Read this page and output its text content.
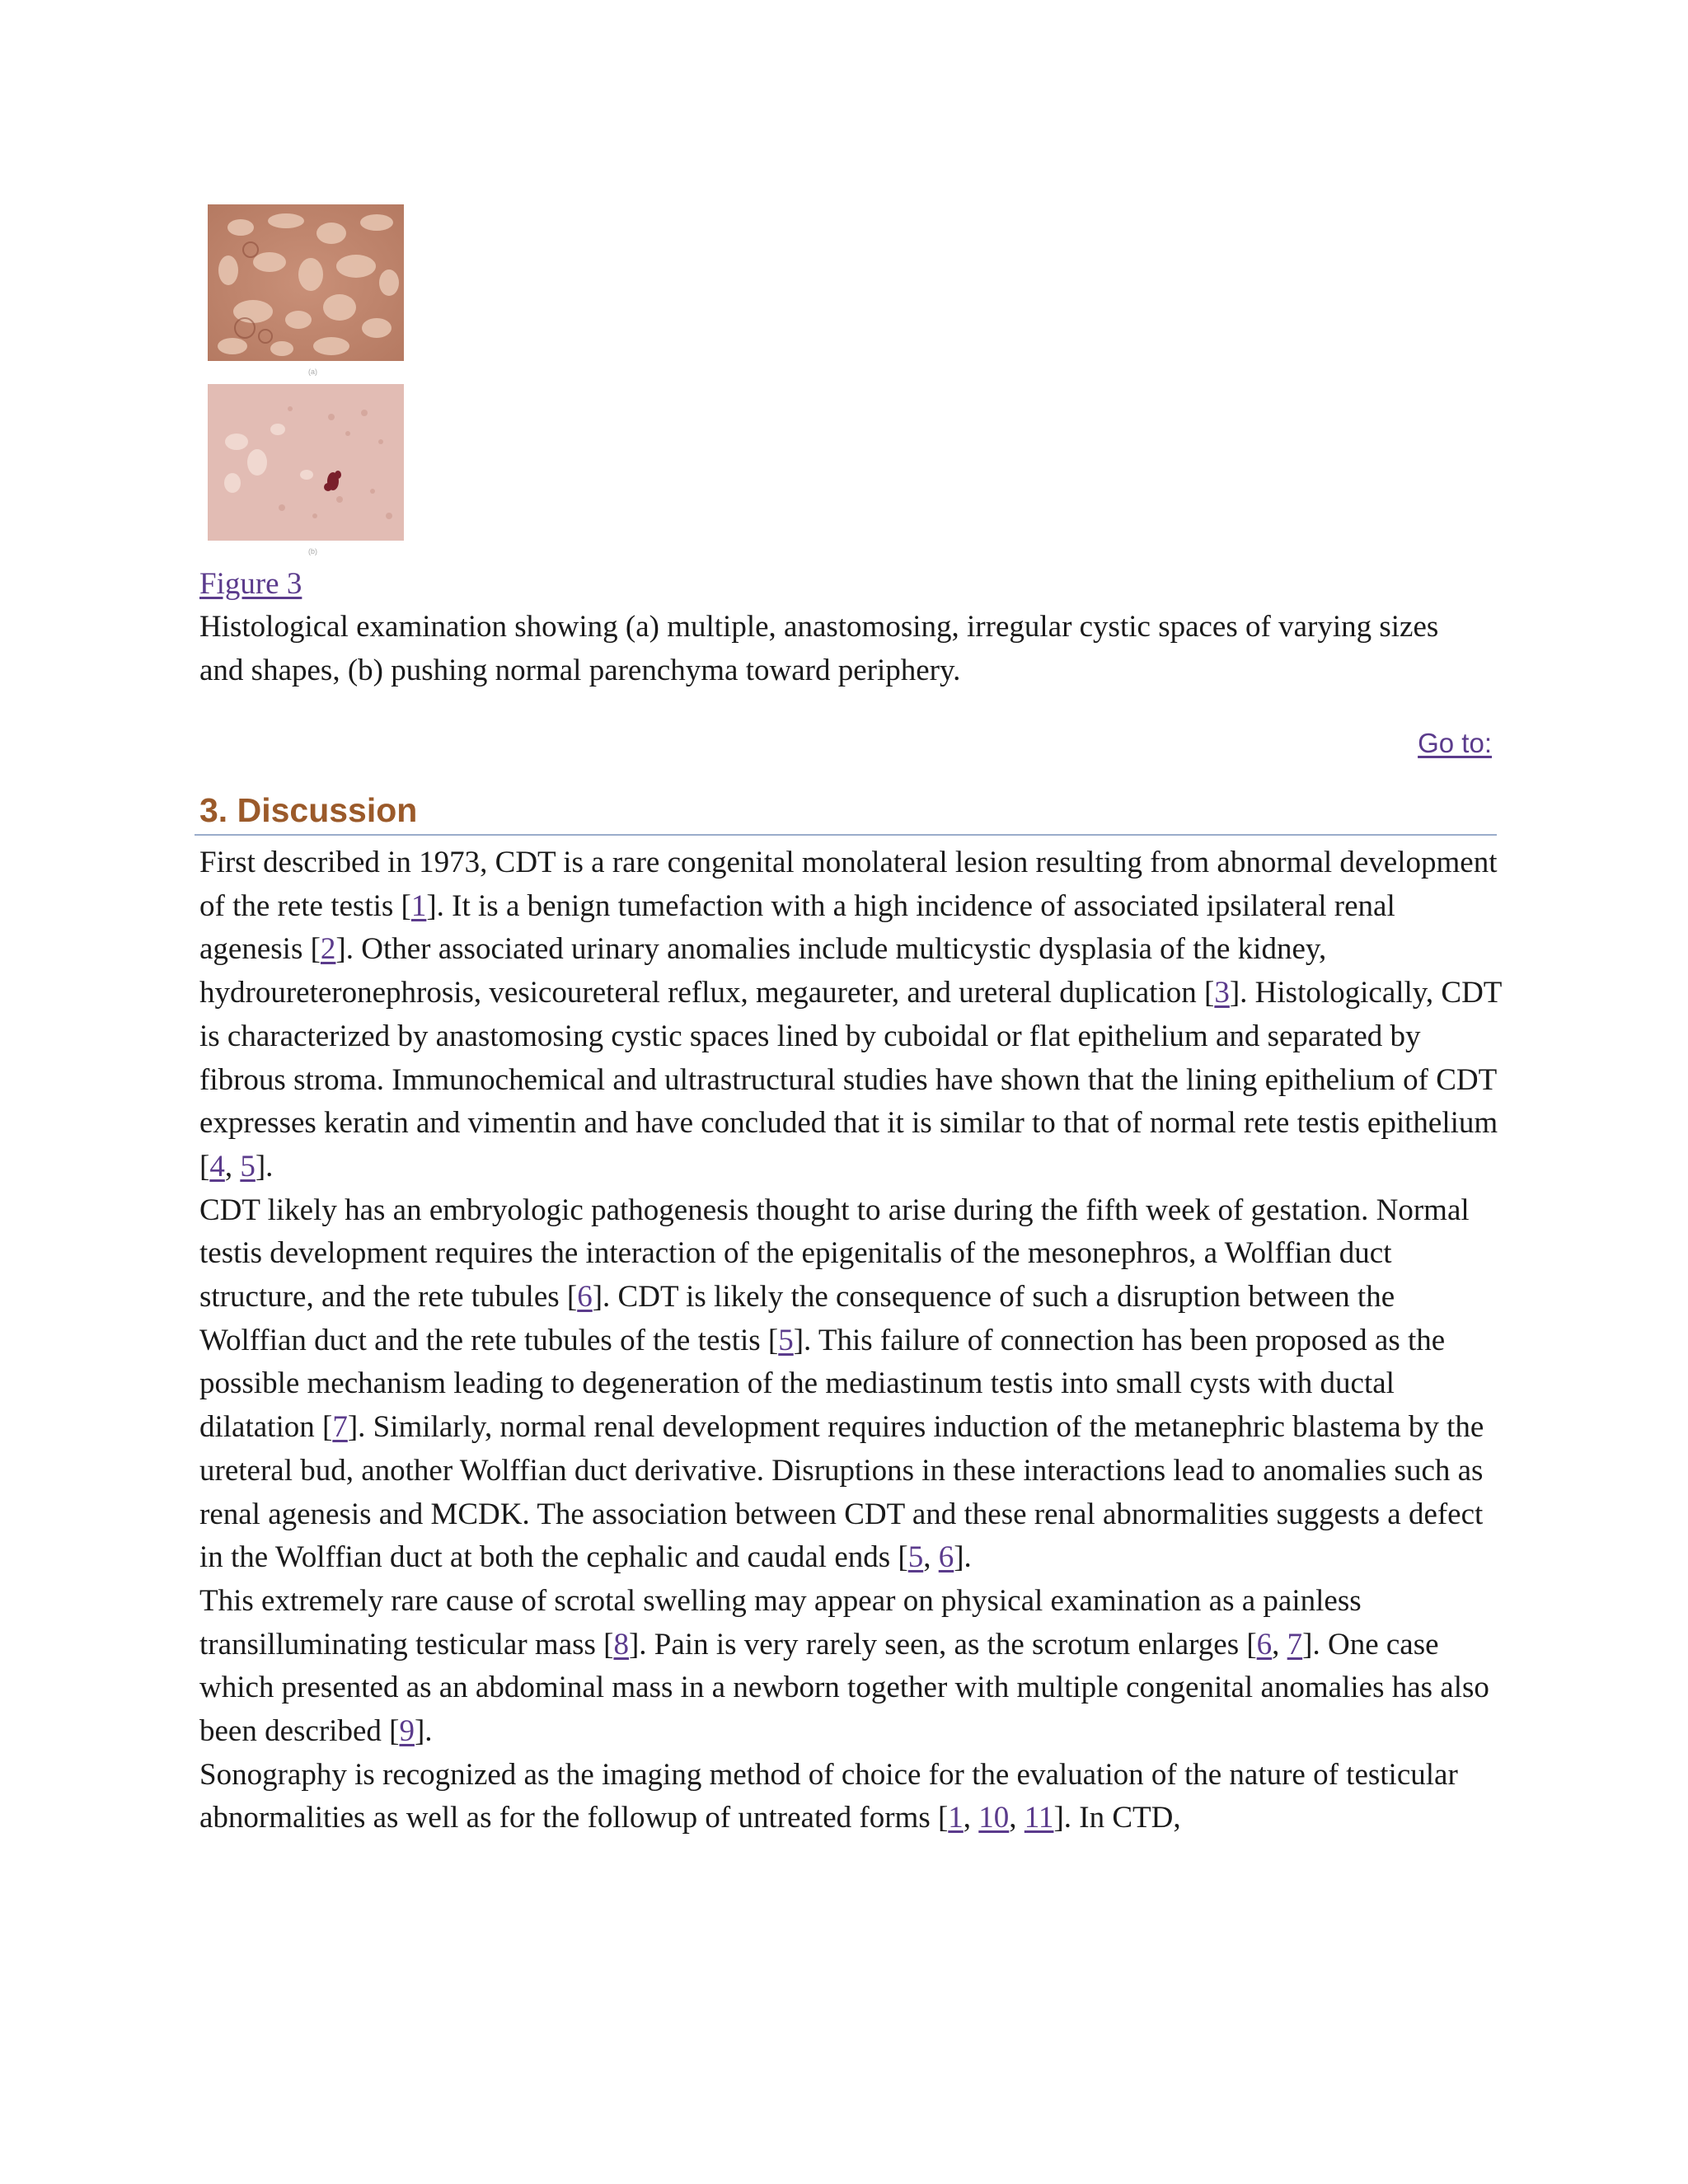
(a)
(b)
Figure 3
Histological examination showing (a) multiple, anastomosing, irregular cystic spaces of varying sizes and shapes, (b) pushing normal parenchyma toward periphery.
Go to:
3. Discussion

First described in 1973, CDT is a rare congenital monolateral lesion resulting from abnormal development of the rete testis [1]. It is a benign tumefaction with a high incidence of associated ipsilateral renal agenesis [2]. Other associated urinary anomalies include multicystic dysplasia of the kidney, hydroureteronephrosis, vesicoureteral reflux, megaureter, and ureteral duplication [3]. Histologically, CDT is characterized by anastomosing cystic spaces lined by cuboidal or flat epithelium and separated by fibrous stroma. Immunochemical and ultrastructural studies have shown that the lining epithelium of CDT expresses keratin and vimentin and have concluded that it is similar to that of normal rete testis epithelium [4, 5].

CDT likely has an embryologic pathogenesis thought to arise during the fifth week of gestation. Normal testis development requires the interaction of the epigenitalis of the mesonephros, a Wolffian duct structure, and the rete tubules [6]. CDT is likely the consequence of such a disruption between the Wolffian duct and the rete tubules of the testis [5]. This failure of connection has been proposed as the possible mechanism leading to degeneration of the mediastinum testis into small cysts with ductal dilatation [7]. Similarly, normal renal development requires induction of the metanephric blastema by the ureteral bud, another Wolffian duct derivative. Disruptions in these interactions lead to anomalies such as renal agenesis and MCDK. The association between CDT and these renal abnormalities suggests a defect in the Wolffian duct at both the cephalic and caudal ends [5, 6].

This extremely rare cause of scrotal swelling may appear on physical examination as a painless transilluminating testicular mass [8]. Pain is very rarely seen, as the scrotum enlarges [6, 7]. One case which presented as an abdominal mass in a newborn together with multiple congenital anomalies has also been described [9].

Sonography is recognized as the imaging method of choice for the evaluation of the nature of testicular abnormalities as well as for the followup of untreated forms [1, 10, 11]. In CTD,
